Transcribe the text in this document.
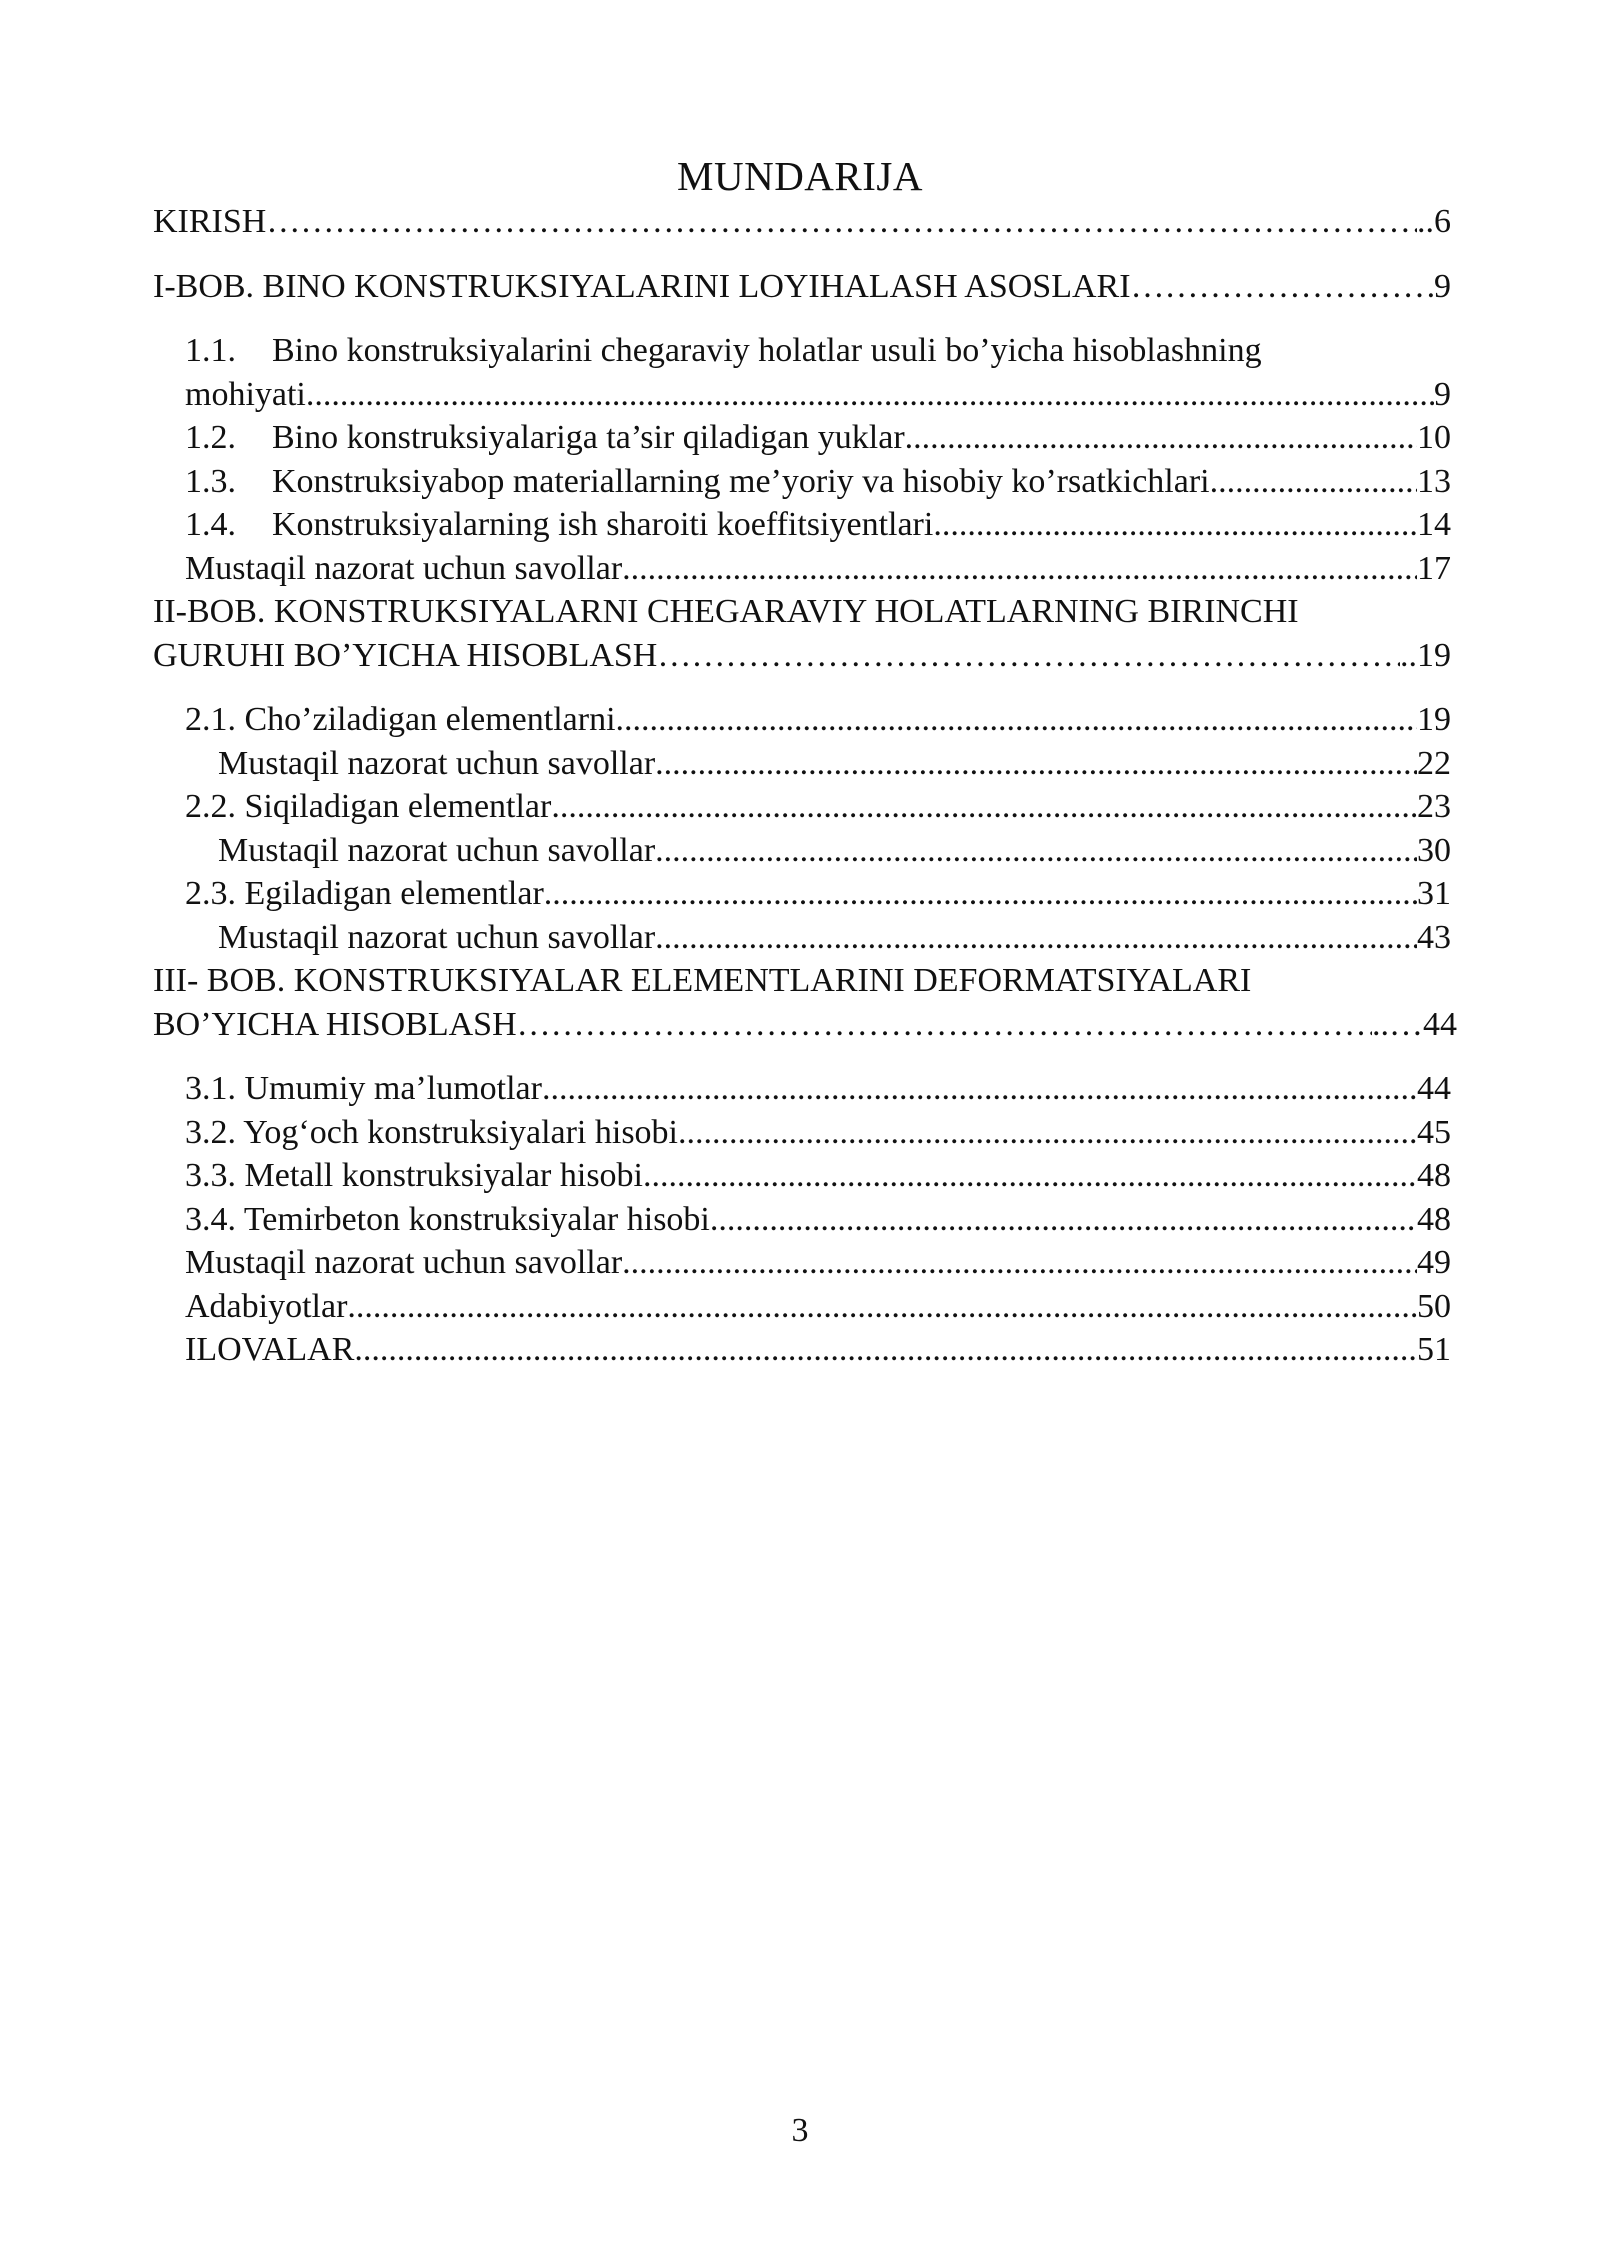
MUNDARIJA
KIRISH ……………………………………………………………………………………………………………………………………………………	..6
I-BOB. BINO KONSTRUKSIYALARINI LOYIHALASH ASOSLARI ……………………………………………………………………………………………………………………………………………………	9
1.1. Bino konstruksiyalarini chegaraviy holatlar usuli bo’yicha hisoblashning
mohiyati .....	9
1.2. Bino konstruksiyalariga ta’sir qiladigan yuklar .....	10
1.3. Konstruksiyabop materiallarning me’yoriy va hisobiy ko’rsatkichlari .....	13
1.4. Konstruksiyalarning ish sharoiti koeffitsiyentlari .....	14
Mustaqil nazorat uchun savollar .....	17
II-BOB. KONSTRUKSIYALARNI CHEGARAVIY HOLATLARNING BIRINCHI
GURUHI BO’YICHA HISOBLASH ……………………………………………………………………………………………………………………………………………………	..19
2.1. Cho’ziladigan elementlarni .....	19
Mustaqil nazorat uchun savollar .....	22
2.2. Siqiladigan elementlar .....	23
Mustaqil nazorat uchun savollar .....	30
2.3. Egiladigan elementlar .....	31
Mustaqil nazorat uchun savollar .....	43
III- BOB. KONSTRUKSIYALAR ELEMENTLARINI DEFORMATSIYALARI
BO’YICHA HISOBLASH ……………………………………………………………………………………………………………………………………………………	..…44
3.1. Umumiy ma’lumotlar .....	44
3.2. Yog‘och konstruksiyalari hisobi .....	45
3.3. Metall konstruksiyalar hisobi .....	48
3.4. Temirbeton konstruksiyalar hisobi .....	48
Mustaqil nazorat uchun savollar .....	49
Adabiyotlar .....	50
ILOVALAR .....	51
3
